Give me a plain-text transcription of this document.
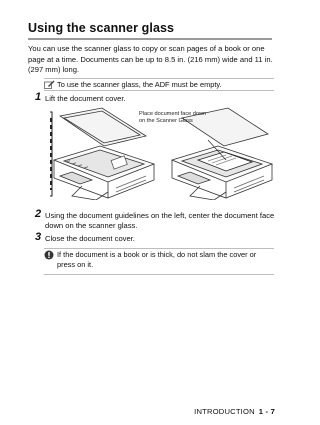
Using the scanner glass
You can use the scanner glass to copy or scan pages of a book or one page at a time. Documents can be up to 8.5 in. (216 mm) wide and 11 in. (297 mm) long.
To use the scanner glass, the ADF must be empty.
1 Lift the document cover.
Place document face down on the Scanner Glass
2 Using the document guidelines on the left, center the document face down on the scanner glass.
3 Close the document cover.
If the document is a book or is thick, do not slam the cover or press on it.
INTRODUCTION 1 - 7
